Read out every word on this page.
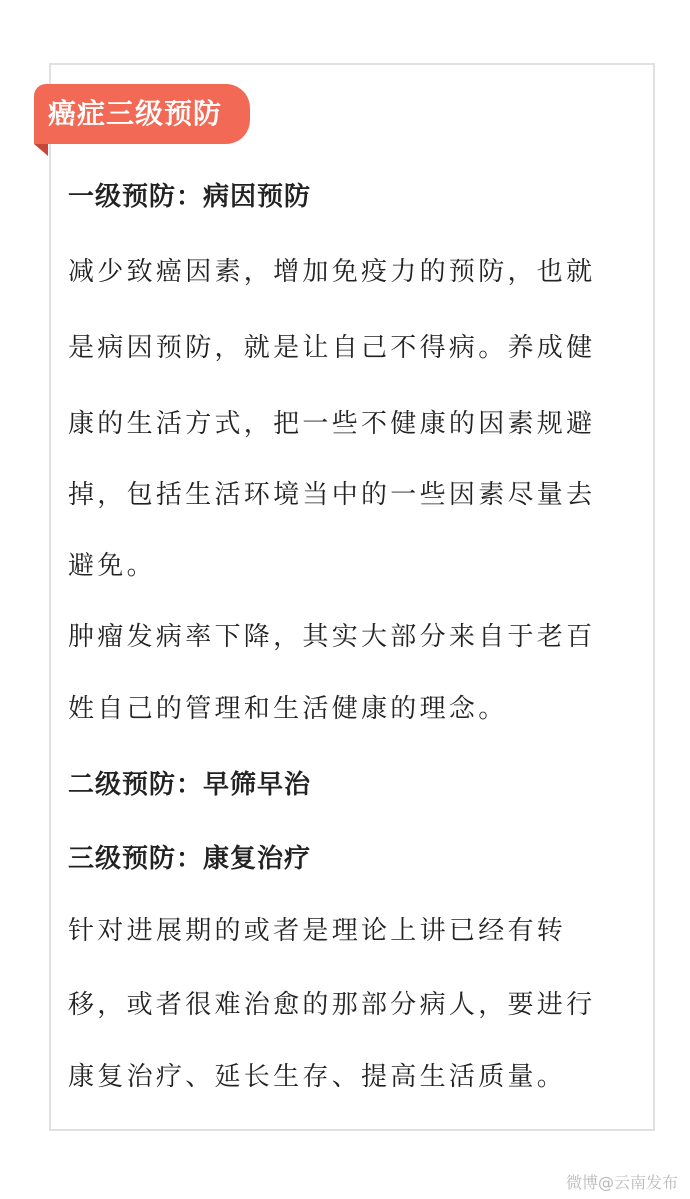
癌症三级预防
一级预防：病因预防
减少致癌因素，增加免疫力的预防，也就
是病因预防，就是让自己不得病。养成健
康的生活方式，把一些不健康的因素规避
掉，包括生活环境当中的一些因素尽量去
避免。
肿瘤发病率下降，其实大部分来自于老百
姓自己的管理和生活健康的理念。
二级预防：早筛早治
三级预防：康复治疗
针对进展期的或者是理论上讲已经有转
移，或者很难治愈的那部分病人，要进行
康复治疗、延长生存、提高生活质量。
微博@云南发布
